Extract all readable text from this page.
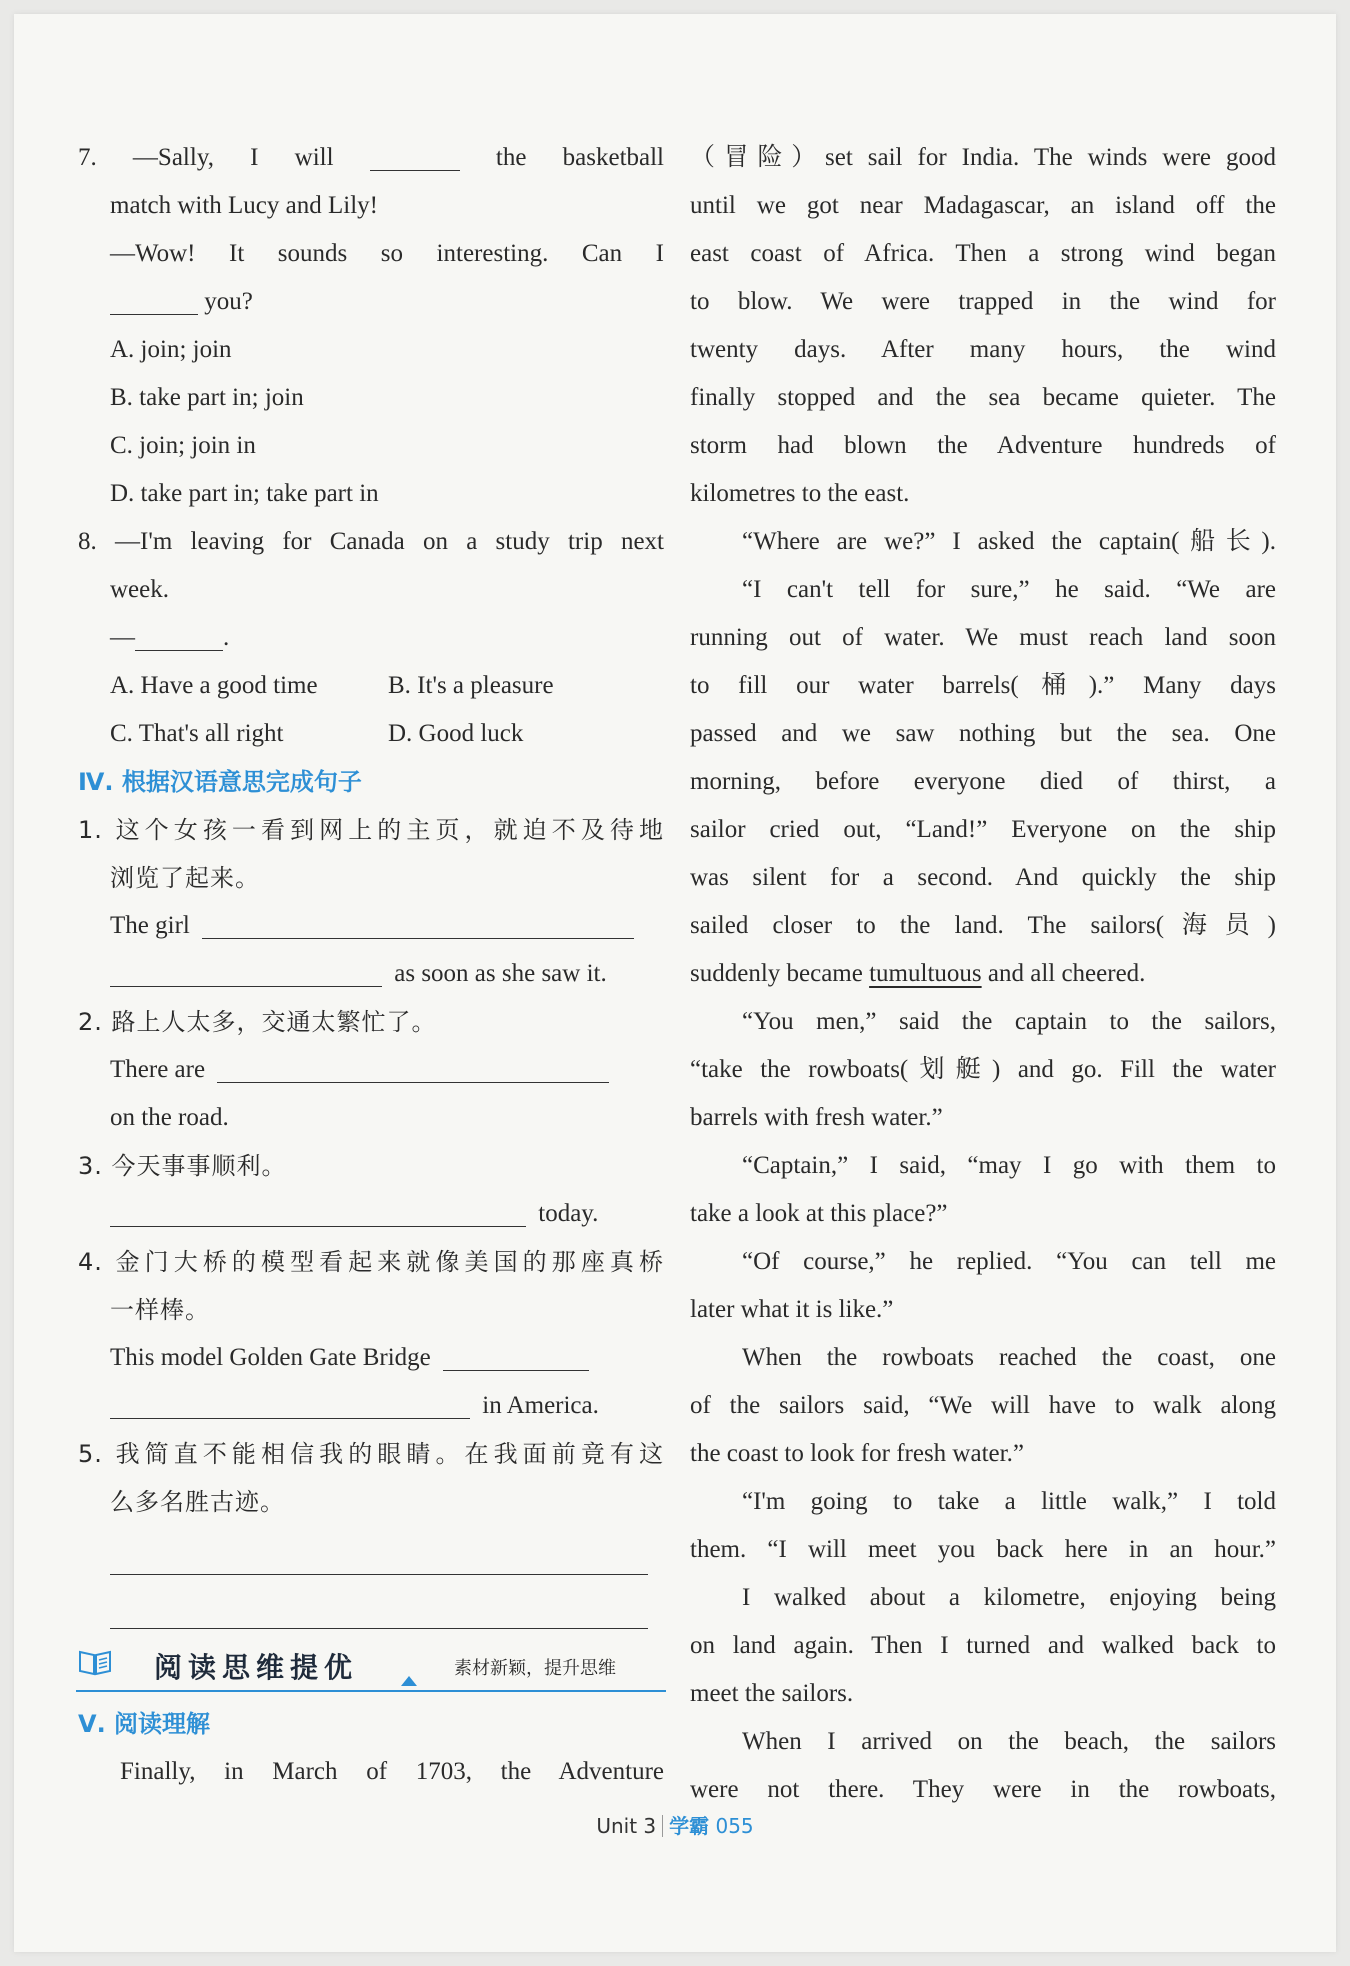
7. —Sally, I will	the basketball
match with Lucy and Lily!
—Wow! It sounds so interesting. Can I
you?
A. join; join
B. take part in; join
C. join; join in
D. take part in; take part in
8. —I'm leaving for Canada on a study trip next
week.
—	.
A. Have a good time	B. It's a pleasure
C. That's all right	D. Good luck
Ⅳ. 根据汉语意思完成句子
1. 这个女孩一看到网上的主页，就迫不及待地
浏览了起来。
The girl
as soon as she saw it.
2. 路上人太多，交通太繁忙了。
There are
on the road.
3. 今天事事顺利。
today.
4. 金门大桥的模型看起来就像美国的那座真桥
一样棒。
This model Golden Gate Bridge
in America.
5. 我简直不能相信我的眼睛。在我面前竟有这
么多名胜古迹。
阅读思维提优	素材新颖，提升思维
Ⅴ. 阅读理解
Finally, in March of 1703, the Adventure
（冒险）set sail for India. The winds were good
until we got near Madagascar, an island off the
east coast of Africa. Then a strong wind began
to blow. We were trapped in the wind for
twenty days. After many hours, the wind
finally stopped and the sea became quieter. The
storm had blown the Adventure hundreds of
kilometres to the east.
“Where are we?” I asked the captain(船长).
“I can't tell for sure,” he said. “We are
running out of water. We must reach land soon
to fill our water barrels(桶).” Many days
passed and we saw nothing but the sea. One
morning, before everyone died of thirst, a
sailor cried out, “Land!” Everyone on the ship
was silent for a second. And quickly the ship
sailed closer to the land. The sailors(海员)
suddenly became tumultuous and all cheered.
“You men,” said the captain to the sailors,
“take the rowboats(划艇) and go. Fill the water
barrels with fresh water.”
“Captain,” I said, “may I go with them to
take a look at this place?”
“Of course,” he replied. “You can tell me
later what it is like.”
When the rowboats reached the coast, one
of the sailors said, “We will have to walk along
the coast to look for fresh water.”
“I'm going to take a little walk,” I told
them. “I will meet you back here in an hour.”
I walked about a kilometre, enjoying being
on land again. Then I turned and walked back to
meet the sailors.
When I arrived on the beach, the sailors
were not there. They were in the rowboats,
Unit 3 学霸 055
